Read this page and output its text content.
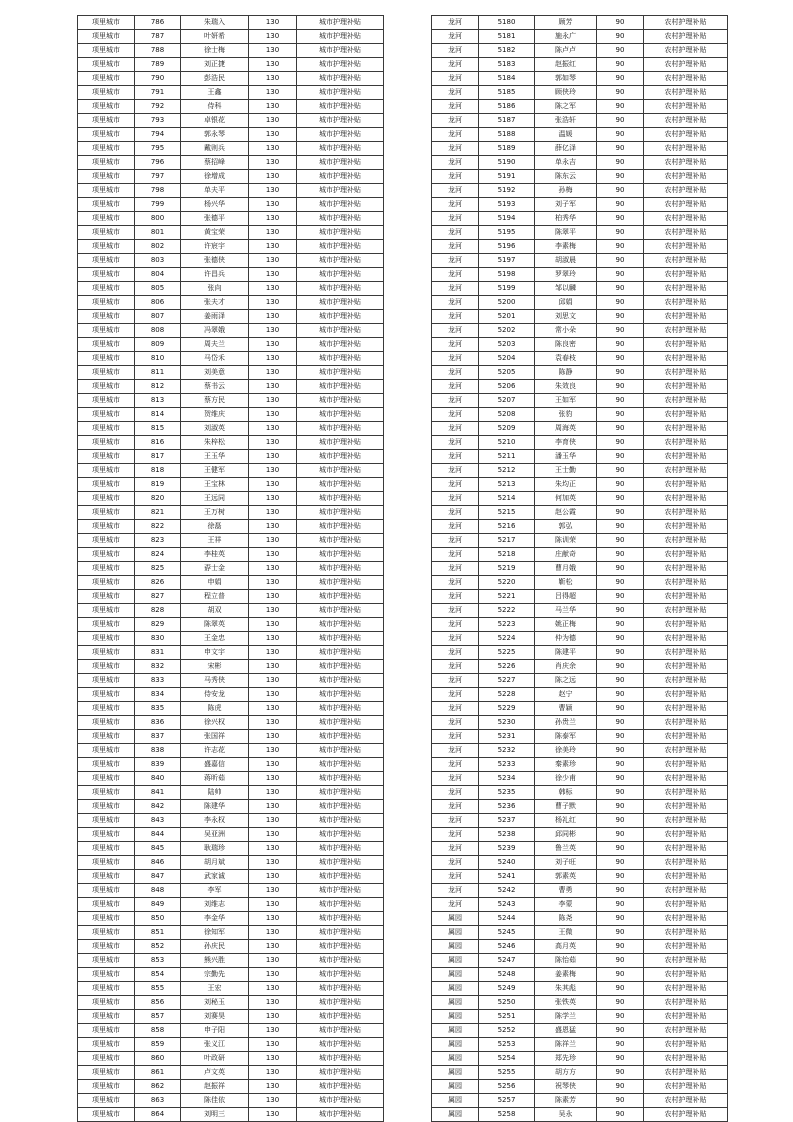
项里城市	786	朱瑞入	130	城市护理补贴
项里城市	787	叶妍希	130	城市护理补贴
项里城市	788	徐士梅	130	城市护理补贴
项里城市	789	刘正捷	130	城市护理补贴
项里城市	790	彭浩民	130	城市护理补贴
项里城市	791	王鑫	130	城市护理补贴
项里城市	792	侍科	130	城市护理补贴
项里城市	793	卓银花	130	城市护理补贴
项里城市	794	郭永琴	130	城市护理补贴
项里城市	795	戴则兵	130	城市护理补贴
项里城市	796	蔡招峰	130	城市护理补贴
项里城市	797	徐增成	130	城市护理补贴
项里城市	798	单夫平	130	城市护理补贴
项里城市	799	杨兴华	130	城市护理补贴
项里城市	800	张德平	130	城市护理补贴
项里城市	801	黄宝荣	130	城市护理补贴
项里城市	802	许宸宇	130	城市护理补贴
项里城市	803	张德侠	130	城市护理补贴
项里城市	804	许昌兵	130	城市护理补贴
项里城市	805	张向	130	城市护理补贴
项里城市	806	张夫才	130	城市护理补贴
项里城市	807	姜雨泽	130	城市护理补贴
项里城市	808	冯翠娥	130	城市护理补贴
项里城市	809	周夫兰	130	城市护理补贴
项里城市	810	马岱禾	130	城市护理补贴
项里城市	811	刘美意	130	城市护理补贴
项里城市	812	蔡书云	130	城市护理补贴
项里城市	813	蔡方民	130	城市护理补贴
项里城市	814	贺维庆	130	城市护理补贴
项里城市	815	刘淑英	130	城市护理补贴
项里城市	816	朱梓松	130	城市护理补贴
项里城市	817	王玉华	130	城市护理补贴
项里城市	818	王健军	130	城市护理补贴
项里城市	819	王宝林	130	城市护理补贴
项里城市	820	王远同	130	城市护理补贴
项里城市	821	王万树	130	城市护理补贴
项里城市	822	徐磊	130	城市护理补贴
项里城市	823	王祥	130	城市护理补贴
项里城市	824	李桂英	130	城市护理补贴
项里城市	825	孬士金	130	城市护理补贴
项里城市	826	申娟	130	城市护理补贴
项里城市	827	程立普	130	城市护理补贴
项里城市	828	胡双	130	城市护理补贴
项里城市	829	陈翠英	130	城市护理补贴
项里城市	830	王金忠	130	城市护理补贴
项里城市	831	申文宇	130	城市护理补贴
项里城市	832	宋彬	130	城市护理补贴
项里城市	833	马秀侠	130	城市护理补贴
项里城市	834	侍安龙	130	城市护理补贴
项里城市	835	陈虎	130	城市护理补贴
项里城市	836	徐兴权	130	城市护理补贴
项里城市	837	张国祥	130	城市护理补贴
项里城市	838	许志花	130	城市护理补贴
项里城市	839	盛嘉信	130	城市护理补贴
项里城市	840	蒋昕茹	130	城市护理补贴
项里城市	841	陆帅	130	城市护理补贴
项里城市	842	陈建华	130	城市护理补贴
项里城市	843	李永权	130	城市护理补贴
项里城市	844	吴亚洲	130	城市护理补贴
项里城市	845	耿瑞珍	130	城市护理补贴
项里城市	846	胡月斌	130	城市护理补贴
项里城市	847	武家诚	130	城市护理补贴
项里城市	848	李军	130	城市护理补贴
项里城市	849	刘维志	130	城市护理补贴
项里城市	850	李金华	130	城市护理补贴
项里城市	851	徐知军	130	城市护理补贴
项里城市	852	孙庆民	130	城市护理补贴
项里城市	853	熊兴胜	130	城市护理补贴
项里城市	854	宗勤先	130	城市护理补贴
项里城市	855	王宏	130	城市护理补贴
项里城市	856	刘秘玉	130	城市护理补贴
项里城市	857	刘赛昊	130	城市护理补贴
项里城市	858	申子阳	130	城市护理补贴
项里城市	859	张义江	130	城市护理补贴
项里城市	860	叶政研	130	城市护理补贴
项里城市	861	卢文英	130	城市护理补贴
项里城市	862	赵振祥	130	城市护理补贴
项里城市	863	陈佳依	130	城市护理补贴
项里城市	864	刘明三	130	城市护理补贴
龙河	5180	顾芳	90	农村护理补贴
龙河	5181	施永广	90	农村护理补贴
龙河	5182	陈卢卢	90	农村护理补贴
龙河	5183	赵振红	90	农村护理补贴
龙河	5184	郭如琴	90	农村护理补贴
龙河	5185	顾侠玲	90	农村护理补贴
龙河	5186	陈之军	90	农村护理补贴
龙河	5187	张浩轩	90	农村护理补贴
龙河	5188	温媛	90	农村护理补贴
龙河	5189	薛亿泽	90	农村护理补贴
龙河	5190	单永吉	90	农村护理补贴
龙河	5191	陈东云	90	农村护理补贴
龙河	5192	孙梅	90	农村护理补贴
龙河	5193	刘子军	90	农村护理补贴
龙河	5194	柏秀华	90	农村护理补贴
龙河	5195	陈翠平	90	农村护理补贴
龙河	5196	李素梅	90	农村护理补贴
龙河	5197	胡淑晨	90	农村护理补贴
龙河	5198	罗翠玲	90	农村护理补贴
龙河	5199	邹以麟	90	农村护理补贴
龙河	5200	邱娟	90	农村护理补贴
龙河	5201	刘思文	90	农村护理补贴
龙河	5202	常小朵	90	农村护理补贴
龙河	5203	陈良密	90	农村护理补贴
龙河	5204	袁春枝	90	农村护理补贴
龙河	5205	陈静	90	农村护理补贴
龙河	5206	朱效良	90	农村护理补贴
龙河	5207	王如军	90	农村护理补贴
龙河	5208	张豹	90	农村护理补贴
龙河	5209	周海英	90	农村护理补贴
龙河	5210	李育侠	90	农村护理补贴
龙河	5211	潘玉华	90	农村护理补贴
龙河	5212	王士勤	90	农村护理补贴
龙河	5213	朱均正	90	农村护理补贴
龙河	5214	何加英	90	农村护理补贴
龙河	5215	赵公霞	90	农村护理补贴
龙河	5216	郭弘	90	农村护理补贴
龙河	5217	陈训荣	90	农村护理补贴
龙河	5218	庄献奇	90	农村护理补贴
龙河	5219	曹月娥	90	农村护理补贴
龙河	5220	靳松	90	农村护理补贴
龙河	5221	吕得超	90	农村护理补贴
龙河	5222	马兰华	90	农村护理补贴
龙河	5223	姚正梅	90	农村护理补贴
龙河	5224	仲为德	90	农村护理补贴
龙河	5225	陈建平	90	农村护理补贴
龙河	5226	肖庆余	90	农村护理补贴
龙河	5227	陈之远	90	农村护理补贴
龙河	5228	赵宁	90	农村护理补贴
龙河	5229	曹颖	90	农村护理补贴
龙河	5230	孙贵兰	90	农村护理补贴
龙河	5231	陈泰军	90	农村护理补贴
龙河	5232	徐美玲	90	农村护理补贴
龙河	5233	秦素珍	90	农村护理补贴
龙河	5234	徐少甫	90	农村护理补贴
龙河	5235	韩标	90	农村护理补贴
龙河	5236	曹子默	90	农村护理补贴
龙河	5237	杨礼红	90	农村护理补贴
龙河	5238	邱同彬	90	农村护理补贴
龙河	5239	鲁兰英	90	农村护理补贴
龙河	5240	刘子旺	90	农村护理补贴
龙河	5241	郭素英	90	农村护理补贴
龙河	5242	曹勇	90	农村护理补贴
龙河	5243	李蒙	90	农村护理补贴
属园	5244	陈尧	90	农村护理补贴
属园	5245	王微	90	农村护理补贴
属园	5246	高月英	90	农村护理补贴
属园	5247	陈怡茹	90	农村护理补贴
属园	5248	姜素梅	90	农村护理补贴
属园	5249	朱其彪	90	农村护理补贴
属园	5250	张铁英	90	农村护理补贴
属园	5251	陈学兰	90	农村护理补贴
属园	5252	盛恩猛	90	农村护理补贴
属园	5253	陈祥兰	90	农村护理补贴
属园	5254	郑先珍	90	农村护理补贴
属园	5255	胡方方	90	农村护理补贴
属园	5256	祝琴侠	90	农村护理补贴
属园	5257	陈素芳	90	农村护理补贴
属园	5258	吴永	90	农村护理补贴
